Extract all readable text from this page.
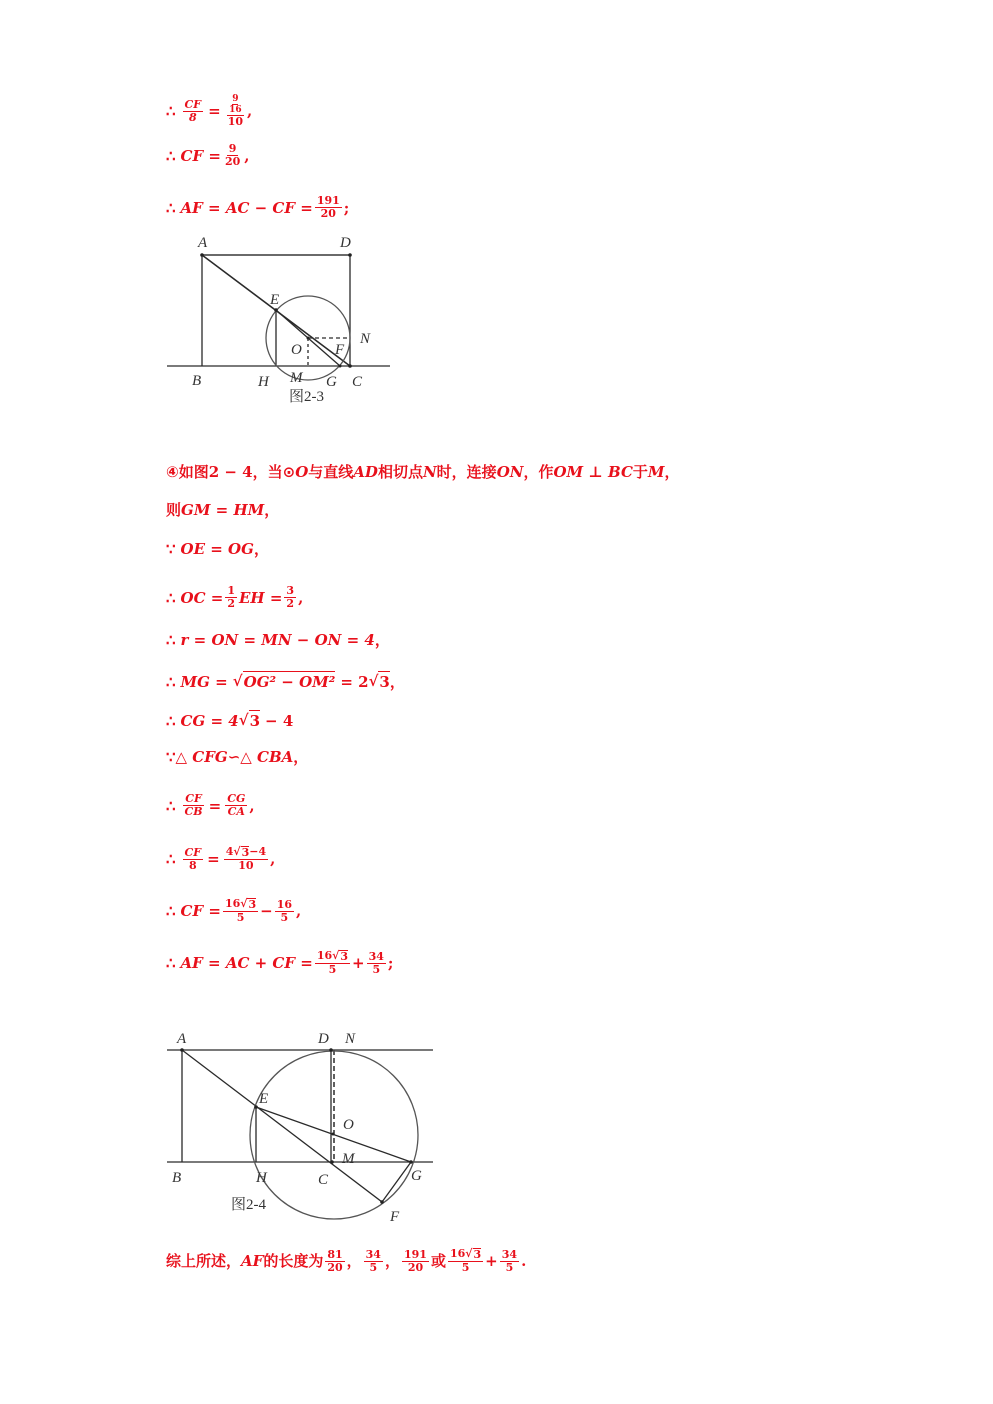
∴ $\frac{CF}{8} = 9$
16
10 ,
∴ CF = $\frac{9}{20}$ ,
∴ AF = AC − CF = $\frac{191}{20}$ ;
A	D
E
N
O F
B	H M G C
图2-3
④ 如图 2 − 4 ，当⊙ O 与直线 AD 相切点 N 时，连接 ON ，作 OM ⊥ BC 于 M ，
则 GM = HM ，
∵ OE = OG ，
∴ OC = $\frac{1}{2}$ EH = $\frac{3}{2}$ ,
∴ r = ON = MN − ON = 4 ，
∴ MG = √ OG² − OM² = 2 √ 3 ，
∴ CG = 4 √ 3 − 4
∵ △ CFG∽△ CBA ，
∴ $\frac{CF}{CB} = \frac{CG}{CA}$ ,
∴ $\frac{CF}{8} = \frac{4 √ 3 -4}{10}$ ,
∴ CF = $\frac{16 √ 3}{5} - \frac{16}{5}$ ,
∴ AF = AC + CF = $\frac{16 √ 3}{5} + \frac{34}{5}$ ;
A	D N
E
O
M
B	H	C	G
F
图2-4
综上所述， AF 的长度为 $\frac{81}{20}$ ， $\frac{34}{5}$ ， $\frac{191}{20}$ 或 $\frac{16 √ 3}{5} + \frac{34}{5}$ .
